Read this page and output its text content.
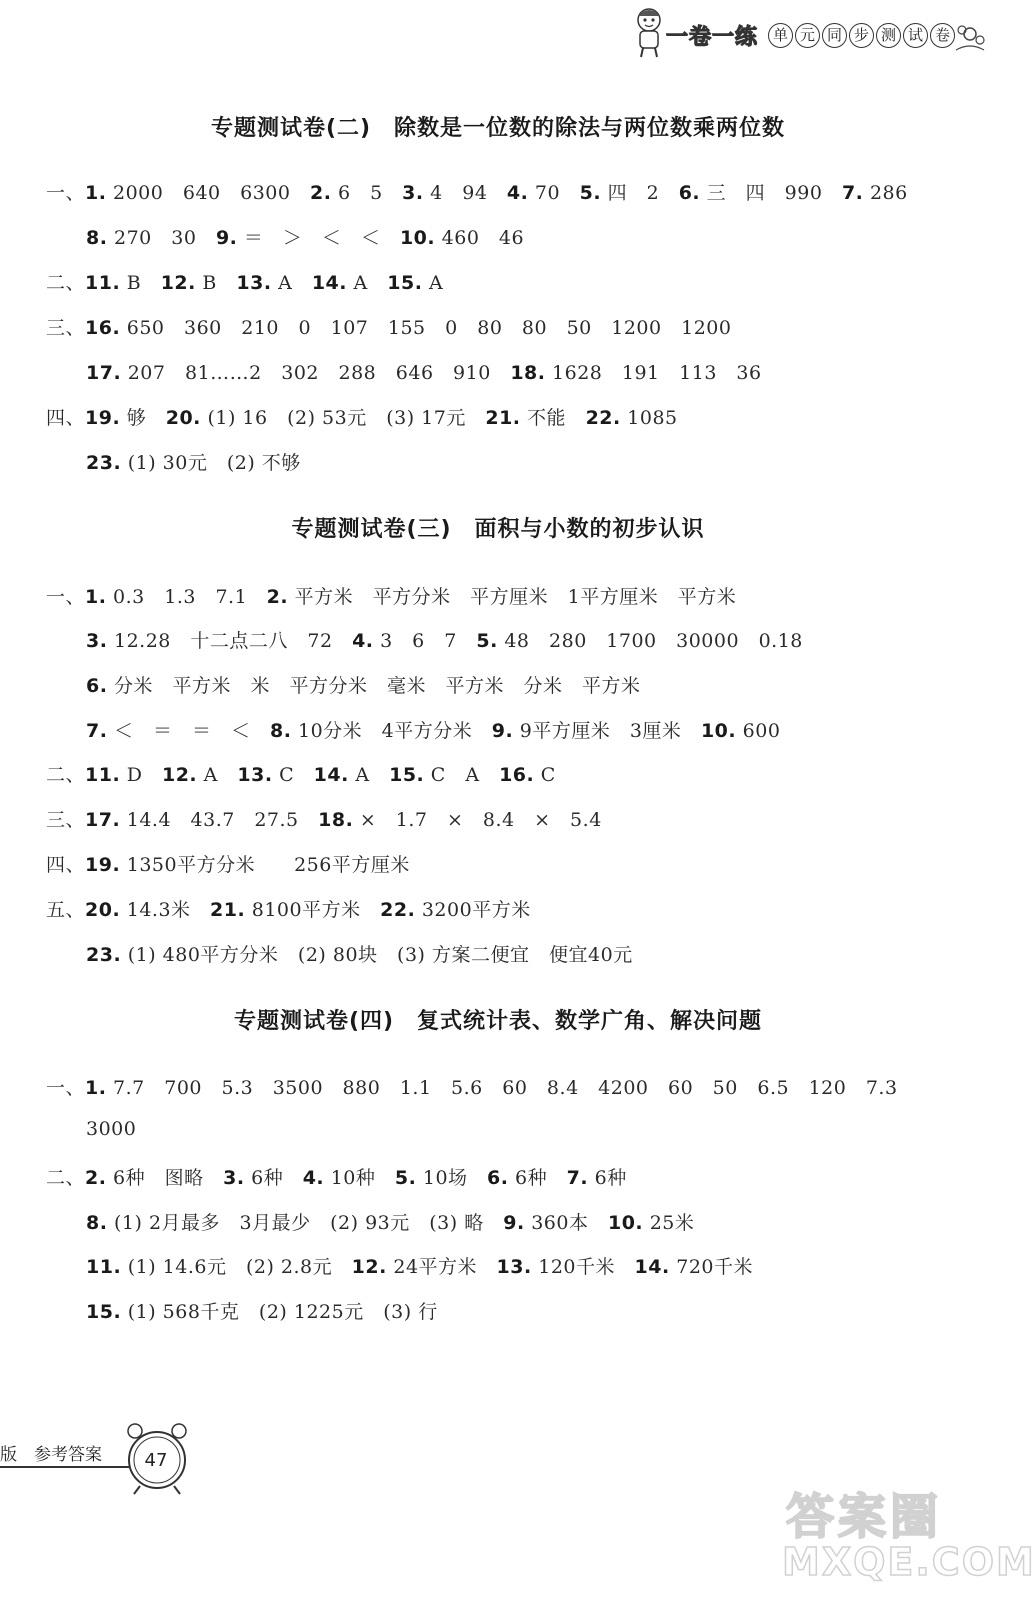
一卷一练 单 元 同 步 测 试 卷
专题测试卷(二)　除数是一位数的除法与两位数乘两位数
专题测试卷(三)　面积与小数的初步认识
专题测试卷(四)　复式统计表、数学广角、解决问题
一、1. 2000　640　6300　2. 6　5　3. 4　94　4. 70　5. 四　2　6. 三　四　990　7. 286
8. 270　30　9. ＝　＞　＜　＜　10. 460　46
二、11. B　12. B　13. A　14. A　15. A
三、16. 650　360　210　0　107　155　0　80　80　50　1200　1200
17. 207　81……2　302　288　646　910　18. 1628　191　113　36
四、19. 够　20. (1) 16　(2) 53元　(3) 17元　21. 不能　22. 1085
23. (1) 30元　(2) 不够
一、1. 0.3　1.3　7.1　2. 平方米　平方分米　平方厘米　1平方厘米　平方米
3. 12.28　十二点二八　72　4. 3　6　7　5. 48　280　1700　30000　0.18
6. 分米　平方米　米　平方分米　毫米　平方米　分米　平方米
7. ＜　＝　＝　＜　8. 10分米　4平方分米　9. 9平方厘米　3厘米　10. 600
二、11. D　12. A　13. C　14. A　15. C　A　16. C
三、17. 14.4　43.7　27.5　18. ×　1.7　×　8.4　×　5.4
四、19. 1350平方分米　　256平方厘米
五、20. 14.3米　21. 8100平方米　22. 3200平方米
23. (1) 480平方分米　(2) 80块　(3) 方案二便宜　便宜40元
一、1. 7.7　700　5.3　3500　880　1.1　5.6　60　8.4　4200　60　50　6.5　120　7.3
3000
二、2. 6种　图略　3. 6种　4. 10种　5. 10场　6. 6种　7. 6种
8. (1) 2月最多　3月最少　(2) 93元　(3) 略　9. 360本　10. 25米
11. (1) 14.6元　(2) 2.8元　12. 24平方米　13. 120千米　14. 720千米
15. (1) 568千克　(2) 1225元　(3) 行
版　参考答案	47
答案圈
MXQE.COM
